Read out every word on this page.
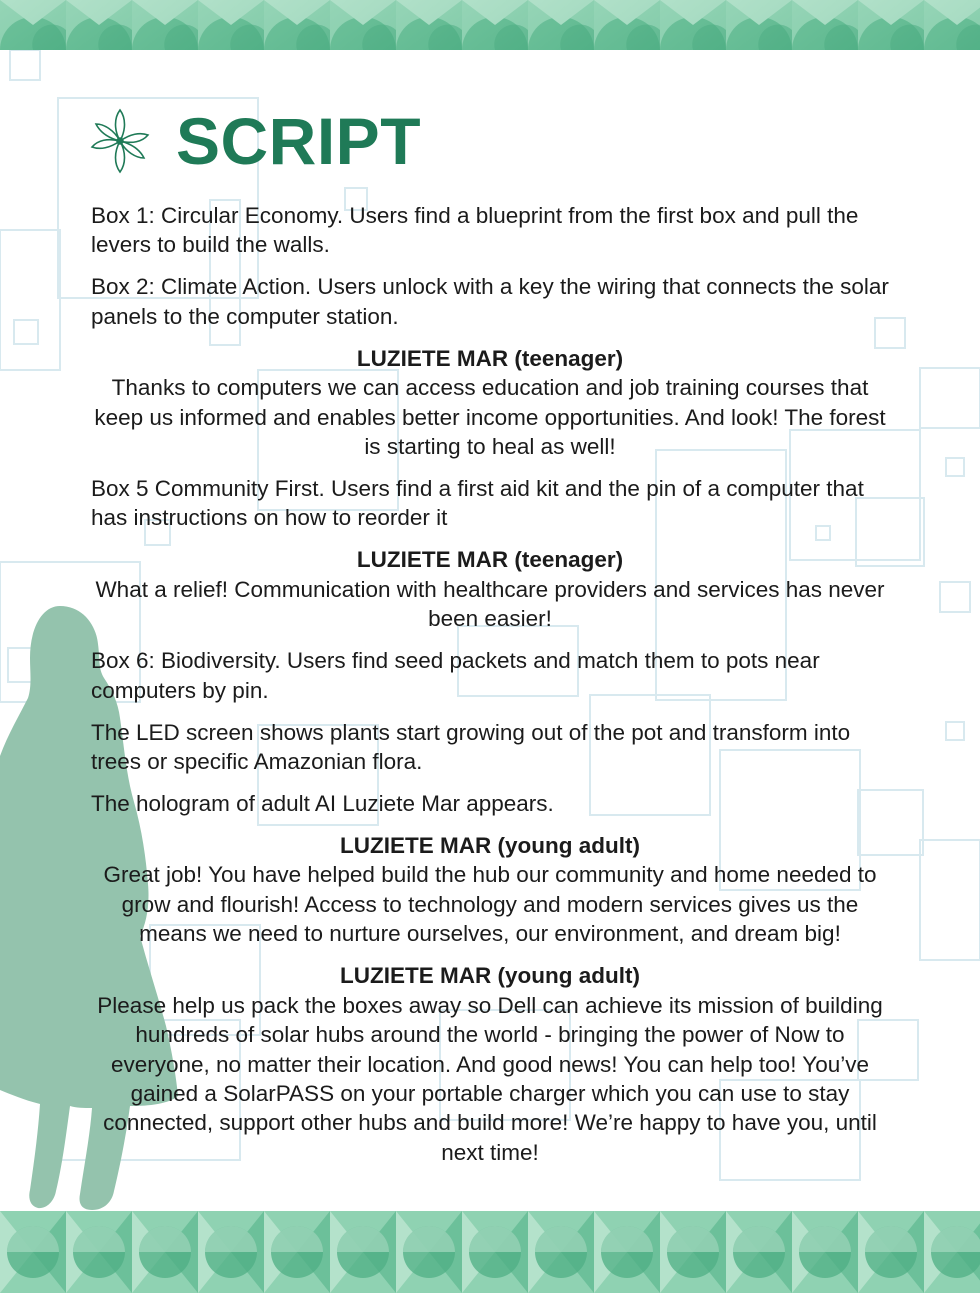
SCRIPT

Box 1: Circular Economy. Users find a blueprint from the first box and pull the levers to build the walls.

Box 2: Climate Action. Users unlock with a key the wiring that connects the solar panels to the computer station.

LUZIETE MAR (teenager)
Thanks to computers we can access education and job training courses that keep us informed and enables better income opportunities. And look! The forest is starting to heal as well!

Box 5 Community First. Users find a first aid kit and the pin of a computer that has instructions on how to reorder it

LUZIETE MAR (teenager)
What a relief! Communication with healthcare providers and services has never been easier!

Box 6: Biodiversity. Users find seed packets and match them to pots near computers by pin.

The LED screen shows plants start growing out of the pot and transform into trees or specific Amazonian flora.

The hologram of adult AI Luziete Mar appears.

LUZIETE MAR (young adult)
Great job! You have helped build the hub our community and home needed to grow and flourish! Access to technology and modern services gives us the means we need to nurture ourselves, our environment, and dream big!

LUZIETE MAR (young adult)
Please help us pack the boxes away so Dell can achieve its mission of building hundreds of solar hubs around the world - bringing the power of Now to everyone, no matter their location. And good news! You can help too! You’ve gained a SolarPASS on your portable charger which you can use to stay connected, support other hubs and build more! We’re happy to have you, until next time!
